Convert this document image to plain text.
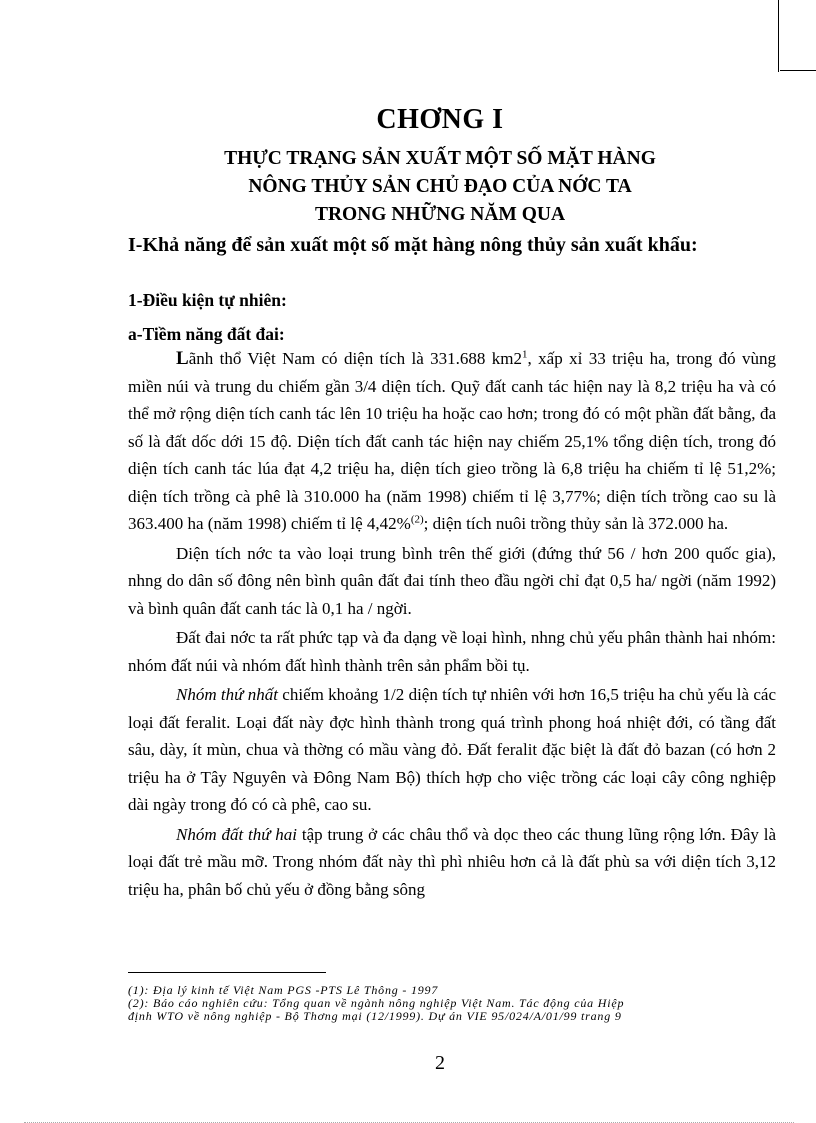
CHƠNG I
THỰC TRẠNG SẢN XUẤT MỘT SỐ MẶT HÀNG
NÔNG THỦY SẢN CHỦ ĐẠO CỦA NỚC TA
TRONG NHỮNG NĂM QUA
I-Khả năng để sản xuất một số mặt hàng nông thủy sản xuất khẩu:
1-Điều kiện tự nhiên:
a-Tiềm năng đất đai:

Lãnh thổ Việt Nam có diện tích là 331.688 $km2^1$, xấp xỉ 33 triệu ha, trong đó vùng miền núi và trung du chiếm gần 3/4 diện tích. Quỹ đất canh tác hiện nay là 8,2 triệu ha và có thể mở rộng diện tích canh tác lên 10 triệu ha hoặc cao hơn; trong đó có một phần đất bằng, đa số là đất dốc dới 15 độ. Diện tích đất canh tác hiện nay chiếm 25,1% tổng diện tích, trong đó diện tích canh tác lúa đạt 4,2 triệu ha, diện tích gieo trồng là 6,8 triệu ha chiếm tỉ lệ 51,2%; diện tích trồng cà phê là 310.000 ha (năm 1998) chiếm tỉ lệ 3,77%; diện tích trồng cao su là 363.400 ha (năm 1998) chiếm tỉ lệ 4,42%$^{(2)}$; diện tích nuôi trồng thủy sản là 372.000 ha.

Diện tích nớc ta vào loại trung bình trên thế giới (đứng thứ 56 / hơn 200 quốc gia), nhng do dân số đông nên bình quân đất đai tính theo đầu ngời chỉ đạt 0,5 ha/ ngời (năm 1992) và bình quân đất canh tác là 0,1 ha / ngời.

Đất đai nớc ta rất phức tạp và đa dạng về loại hình, nhng chủ yếu phân thành hai nhóm: nhóm đất núi và nhóm đất hình thành trên sản phẩm bồi tụ.

Nhóm thứ nhất chiếm khoảng 1/2 diện tích tự nhiên với hơn 16,5 triệu ha chủ yếu là các loại đất feralit. Loại đất này đợc hình thành trong quá trình phong hoá nhiệt đới, có tầng đất sâu, dày, ít mùn, chua và thờng có mầu vàng đỏ. Đất feralit đặc biệt là đất đỏ bazan (có hơn 2 triệu ha ở Tây Nguyên và Đông Nam Bộ) thích hợp cho việc trồng các loại cây công nghiệp dài ngày trong đó có cà phê, cao su.

Nhóm đất thứ hai tập trung ở các châu thổ và dọc theo các thung lũng rộng lớn. Đây là loại đất trẻ mầu mỡ. Trong nhóm đất này thì phì nhiêu hơn cả là đất phù sa với diện tích 3,12 triệu ha, phân bố chủ yếu ở đồng bằng sông

(1): Địa lý kinh tế Việt Nam PGS -PTS Lê Thông - 1997
(2): Báo cáo nghiên cứu: Tổng quan về ngành nông nghiệp Việt Nam. Tác động của Hiệp
định WTO về nông nghiệp - Bộ Thơng mại (12/1999). Dự án VIE 95/024/A/01/99 trang 9
2
